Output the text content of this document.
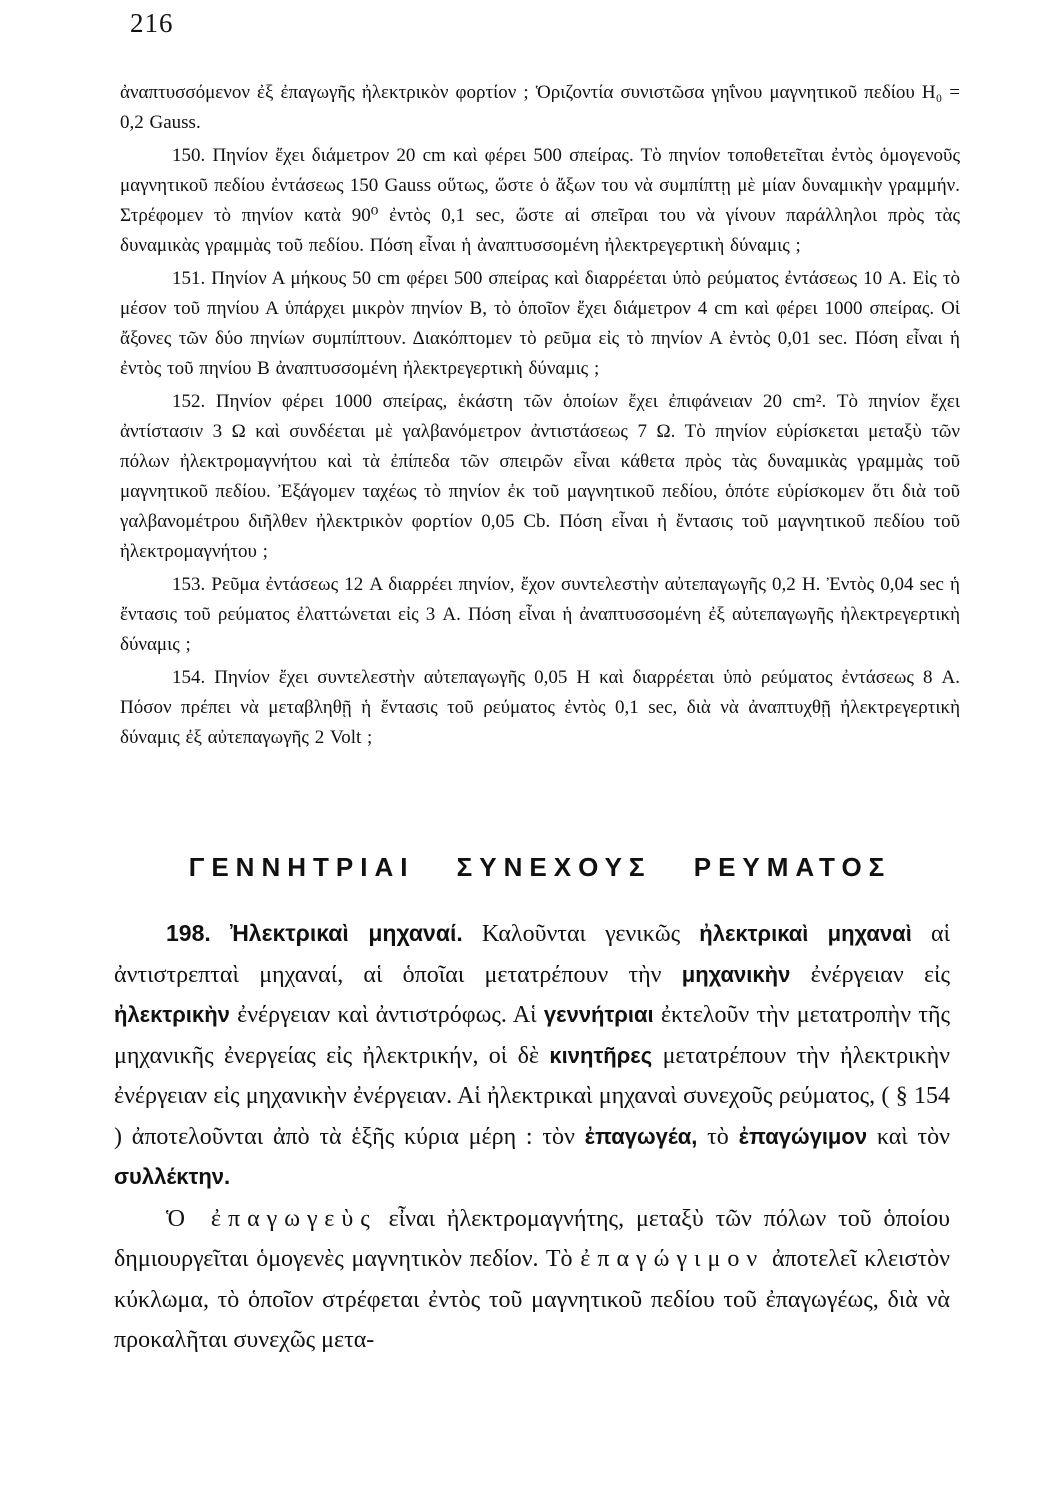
216

ἀναπτυσσόμενον ἐξ ἐπαγωγῆς ἠλεκτρικὸν φορτίον ; Ὁριζοντία συνιστῶσα γηΐνου μαγνητικοῦ πεδίου H₀ = 0,2 Gauss.

150. Πηνίον ἔχει διάμετρον 20 cm καὶ φέρει 500 σπείρας. Τὸ πηνίον τοποθετεῖται ἐντὸς ὁμογενοῦς μαγνητικοῦ πεδίου ἐντάσεως 150 Gauss οὕτως, ὥστε ὁ ἄξων του νὰ συμπίπτῃ μὲ μίαν δυναμικὴν γραμμήν. Στρέφομεν τὸ πηνίον κατὰ 90⁰ ἐντὸς 0,1 sec, ὥστε αἱ σπεῖραι του νὰ γίνουν παράλληλοι πρὸς τὰς δυναμικὰς γραμμὰς τοῦ πεδίου. Πόση εἶναι ἡ ἀναπτυσσομένη ἠλεκτρεγερτικὴ δύναμις ;

151. Πηνίον Α μήκους 50 cm φέρει 500 σπείρας καὶ διαρρέεται ὑπὸ ρεύματος ἐντάσεως 10 A. Εἰς τὸ μέσον τοῦ πηνίου Α ὑπάρχει μικρὸν πηνίον Β, τὸ ὁποῖον ἔχει διάμετρον 4 cm καὶ φέρει 1000 σπείρας. Οἱ ἄξονες τῶν δύο πηνίων συμπίπτουν. Διακόπτομεν τὸ ρεῦμα εἰς τὸ πηνίον Α ἐντὸς 0,01 sec. Πόση εἶναι ἡ ἐντὸς τοῦ πηνίου Β ἀναπτυσσομένη ἠλεκτρεγερτικὴ δύναμις ;

152. Πηνίον φέρει 1000 σπείρας, ἑκάστη τῶν ὁποίων ἔχει ἐπιφάνειαν 20 cm². Τὸ πηνίον ἔχει ἀντίστασιν 3 Ω καὶ συνδέεται μὲ γαλβανόμετρον ἀντιστάσεως 7 Ω. Τὸ πηνίον εὑρίσκεται μεταξὺ τῶν πόλων ἠλεκτρομαγνήτου καὶ τὰ ἐπίπεδα τῶν σπειρῶν εἶναι κάθετα πρὸς τὰς δυναμικὰς γραμμὰς τοῦ μαγνητικοῦ πεδίου. Ἐξάγομεν ταχέως τὸ πηνίον ἐκ τοῦ μαγνητικοῦ πεδίου, ὁπότε εὑρίσκομεν ὅτι διὰ τοῦ γαλβανομέτρου διῆλθεν ἠλεκτρικὸν φορτίον 0,05 Cb. Πόση εἶναι ἡ ἔντασις τοῦ μαγνητικοῦ πεδίου τοῦ ἠλεκτρομαγνήτου ;

153. Ρεῦμα ἐντάσεως 12 A διαρρέει πηνίον, ἔχον συντελεστὴν αὐτεπαγωγῆς 0,2 H. Ἐντὸς 0,04 sec ἡ ἔντασις τοῦ ρεύματος ἐλαττώνεται εἰς 3 A. Πόση εἶναι ἡ ἀναπτυσσομένη ἐξ αὐτεπαγωγῆς ἠλεκτρεγερτικὴ δύναμις ;

154. Πηνίον ἔχει συντελεστὴν αὐτεπαγωγῆς 0,05 H καὶ διαρρέεται ὑπὸ ρεύματος ἐντάσεως 8 A. Πόσον πρέπει νὰ μεταβληθῇ ἡ ἔντασις τοῦ ρεύματος ἐντὸς 0,1 sec, διὰ νὰ ἀναπτυχθῇ ἠλεκτρεγερτικὴ δύναμις ἐξ αὐτεπαγωγῆς 2 Volt ;

ΓΕΝΝΗΤΡΙΑΙ ΣΥΝΕΧΟΥΣ ΡΕΥΜΑΤΟΣ

198. Ἠλεκτρικαὶ μηχαναί. Καλοῦνται γενικῶς ἠλεκτρικαὶ μηχαναὶ αἱ ἀντιστρεπταὶ μηχαναί, αἱ ὁποῖαι μετατρέπουν τὴν μηχανικὴν ἐνέργειαν εἰς ἠλεκτρικὴν ἐνέργειαν καὶ ἀντιστρόφως. Αἱ γεννήτριαι ἐκτελοῦν τὴν μετατροπὴν τῆς μηχανικῆς ἐνεργείας εἰς ἠλεκτρικήν, οἱ δὲ κινητῆρες μετατρέπουν τὴν ἠλεκτρικὴν ἐνέργειαν εἰς μηχανικὴν ἐνέργειαν. Αἱ ἠλεκτρικαὶ μηχαναὶ συνεχοῦς ρεύματος, ( § 154 ) ἀποτελοῦνται ἀπὸ τὰ ἑξῆς κύρια μέρη : τὸν ἐπαγωγέα, τὸ ἐπαγώγιμον καὶ τὸν συλλέκτην.

Ὁ ἐπαγωγεὺς εἶναι ἠλεκτρομαγνήτης, μεταξὺ τῶν πόλων τοῦ ὁποίου δημιουργεῖται ὁμογενὲς μαγνητικὸν πεδίον. Τὸ ἐπαγώγιμον ἀποτελεῖ κλειστὸν κύκλωμα, τὸ ὁποῖον στρέφεται ἐντὸς τοῦ μαγνητικοῦ πεδίου τοῦ ἐπαγωγέως, διὰ νὰ προκαλῆται συνεχῶς μετα-
